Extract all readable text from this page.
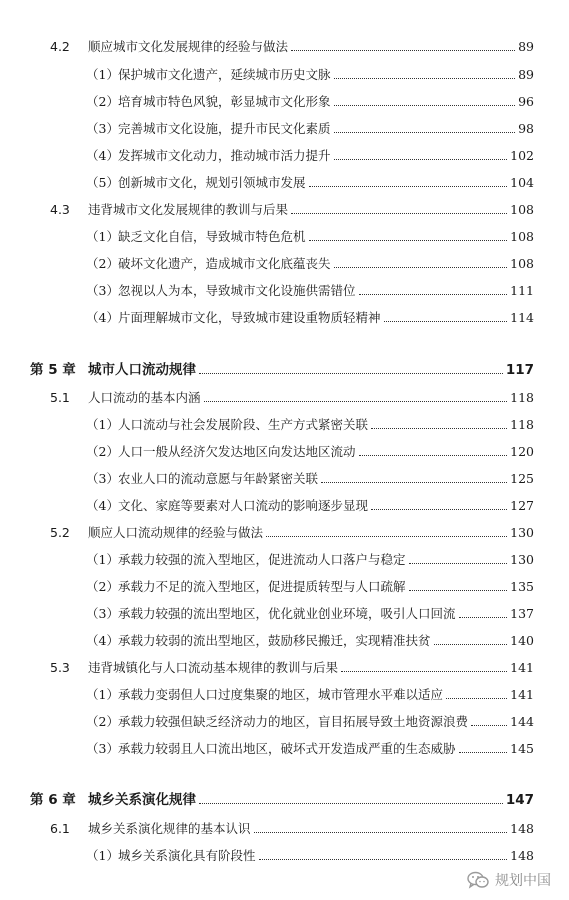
4.2 顺应城市文化发展规律的经验与做法	89
（1） 保护城市文化遗产，延续城市历史文脉	89
（2） 培育城市特色风貌，彰显城市文化形象	96
（3） 完善城市文化设施，提升市民文化素质	98
（4） 发挥城市文化动力，推动城市活力提升	102
（5） 创新城市文化，规划引领城市发展	104
4.3 违背城市文化发展规律的教训与后果	108
（1） 缺乏文化自信，导致城市特色危机	108
（2） 破坏文化遗产，造成城市文化底蕴丧失	108
（3） 忽视以人为本，导致城市文化设施供需错位	111
（4） 片面理解城市文化，导致城市建设重物质轻精神	114
第 5 章 城市人口流动规律	117
5.1 人口流动的基本内涵	118
（1） 人口流动与社会发展阶段、生产方式紧密关联	118
（2） 人口一般从经济欠发达地区向发达地区流动	120
（3） 农业人口的流动意愿与年龄紧密关联	125
（4） 文化、家庭等要素对人口流动的影响逐步显现	127
5.2 顺应人口流动规律的经验与做法	130
（1） 承载力较强的流入型地区，促进流动人口落户与稳定	130
（2） 承载力不足的流入型地区，促进提质转型与人口疏解	135
（3） 承载力较强的流出型地区，优化就业创业环境，吸引人口回流	137
（4） 承载力较弱的流出型地区，鼓励移民搬迁，实现精准扶贫	140
5.3 违背城镇化与人口流动基本规律的教训与后果	141
（1） 承载力变弱但人口过度集聚的地区，城市管理水平难以适应	141
（2） 承载力较强但缺乏经济动力的地区，盲目拓展导致土地资源浪费	144
（3） 承载力较弱且人口流出地区，破坏式开发造成严重的生态威胁	145
第 6 章 城乡关系演化规律	147
6.1 城乡关系演化规律的基本认识	148
（1） 城乡关系演化具有阶段性	148
规划中国
